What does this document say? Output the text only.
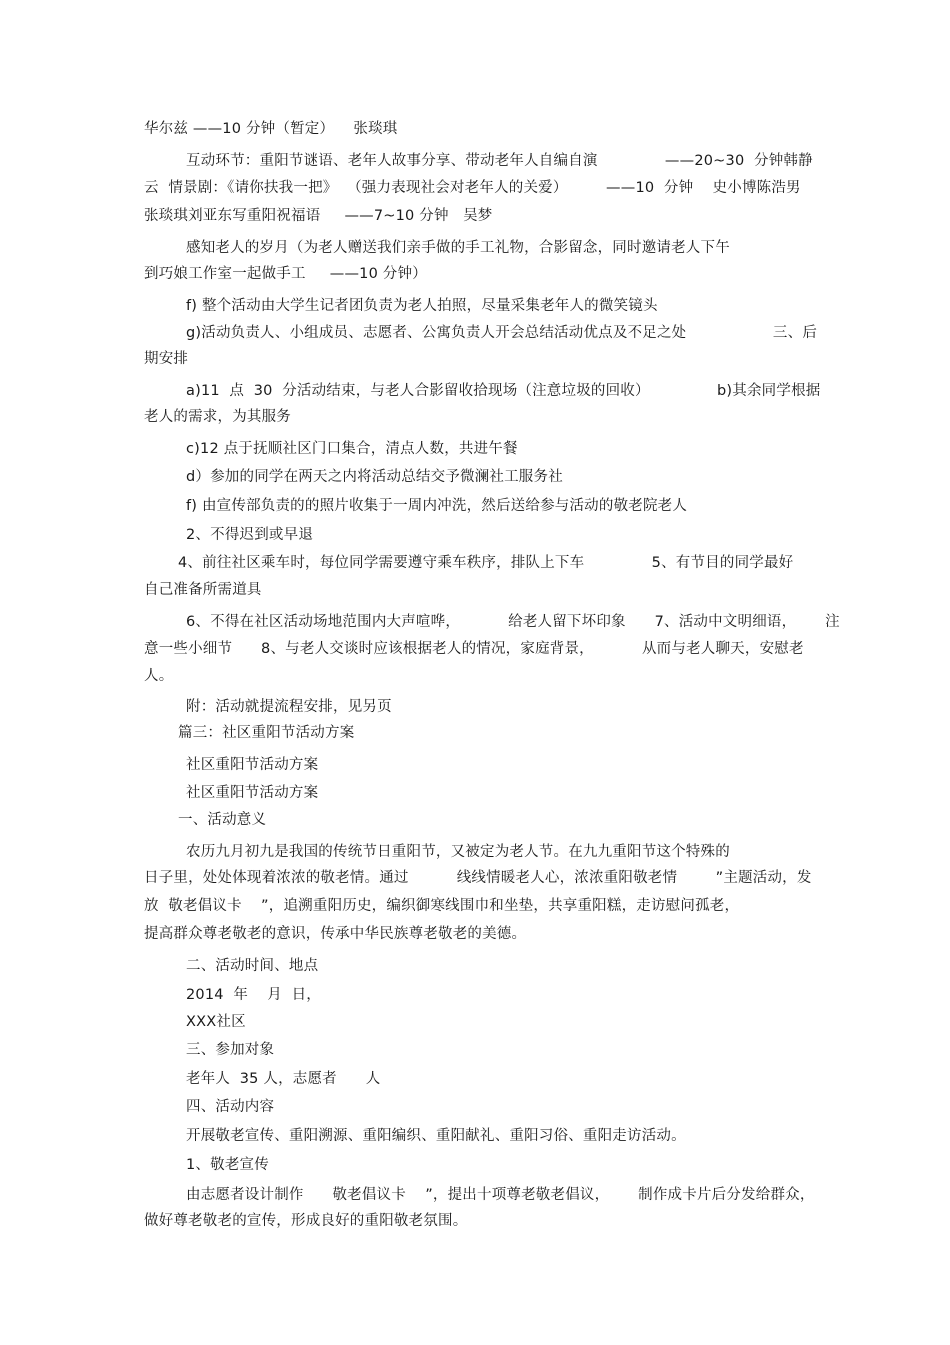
华尔兹 ——10 分钟（暂定）    张琰琪
互动环节：重阳节谜语、老年人故事分享、带动老年人自编自演              ——20~30  分钟韩静
云  情景剧：《请你扶我一把》  （强力表现社会对老年人的关爱）        ——10  分钟    史小博陈浩男
张琰琪刘亚东写重阳祝福语     ——7~10 分钟   吴梦
感知老人的岁月（为老人赠送我们亲手做的手工礼物，合影留念，同时邀请老人下午
到巧娘工作室一起做手工     ——10 分钟）
f) 整个活动由大学生记者团负责为老人拍照，尽量采集老年人的微笑镜头
g)活动负责人、小组成员、志愿者、公寓负责人开会总结活动优点及不足之处                  三、后
期安排
a)11  点  30  分活动结束，与老人合影留收拾现场（注意垃圾的回收）              b)其余同学根据
老人的需求，为其服务
c)12 点于抚顺社区门口集合，清点人数，共进午餐
d）参加的同学在两天之内将活动总结交予微澜社工服务社
f) 由宣传部负责的的照片收集于一周内冲洗，然后送给参与活动的敬老院老人
2、不得迟到或早退
4、前往社区乘车时，每位同学需要遵守乘车秩序，排队上下车              5、有节目的同学最好
自己准备所需道具
6、不得在社区活动场地范围内大声喧哗，          给老人留下坏印象      7、活动中文明细语，      注
意一些小细节      8、与老人交谈时应该根据老人的情况，家庭背景，          从而与老人聊天，安慰老
人。
附：活动就提流程安排，见另页
篇三：社区重阳节活动方案
社区重阳节活动方案
社区重阳节活动方案
一、活动意义
农历九月初九是我国的传统节日重阳节，又被定为老人节。在九九重阳节这个特殊的
日子里，处处体现着浓浓的敬老情。通过          线线情暖老人心，浓浓重阳敬老情        ”主题活动，发
放  敬老倡议卡    ”，追溯重阳历史，编织御寒线围巾和坐垫，共享重阳糕，走访慰问孤老，
提高群众尊老敬老的意识，传承中华民族尊老敬老的美德。
二、活动时间、地点
2014  年    月  日，
XXX社区
三、参加对象
老年人  35 人，志愿者      人
四、活动内容
开展敬老宣传、重阳溯源、重阳编织、重阳献礼、重阳习俗、重阳走访活动。
1、敬老宣传
由志愿者设计制作      敬老倡议卡    ”，提出十项尊老敬老倡议，      制作成卡片后分发给群众，
做好尊老敬老的宣传，形成良好的重阳敬老氛围。
